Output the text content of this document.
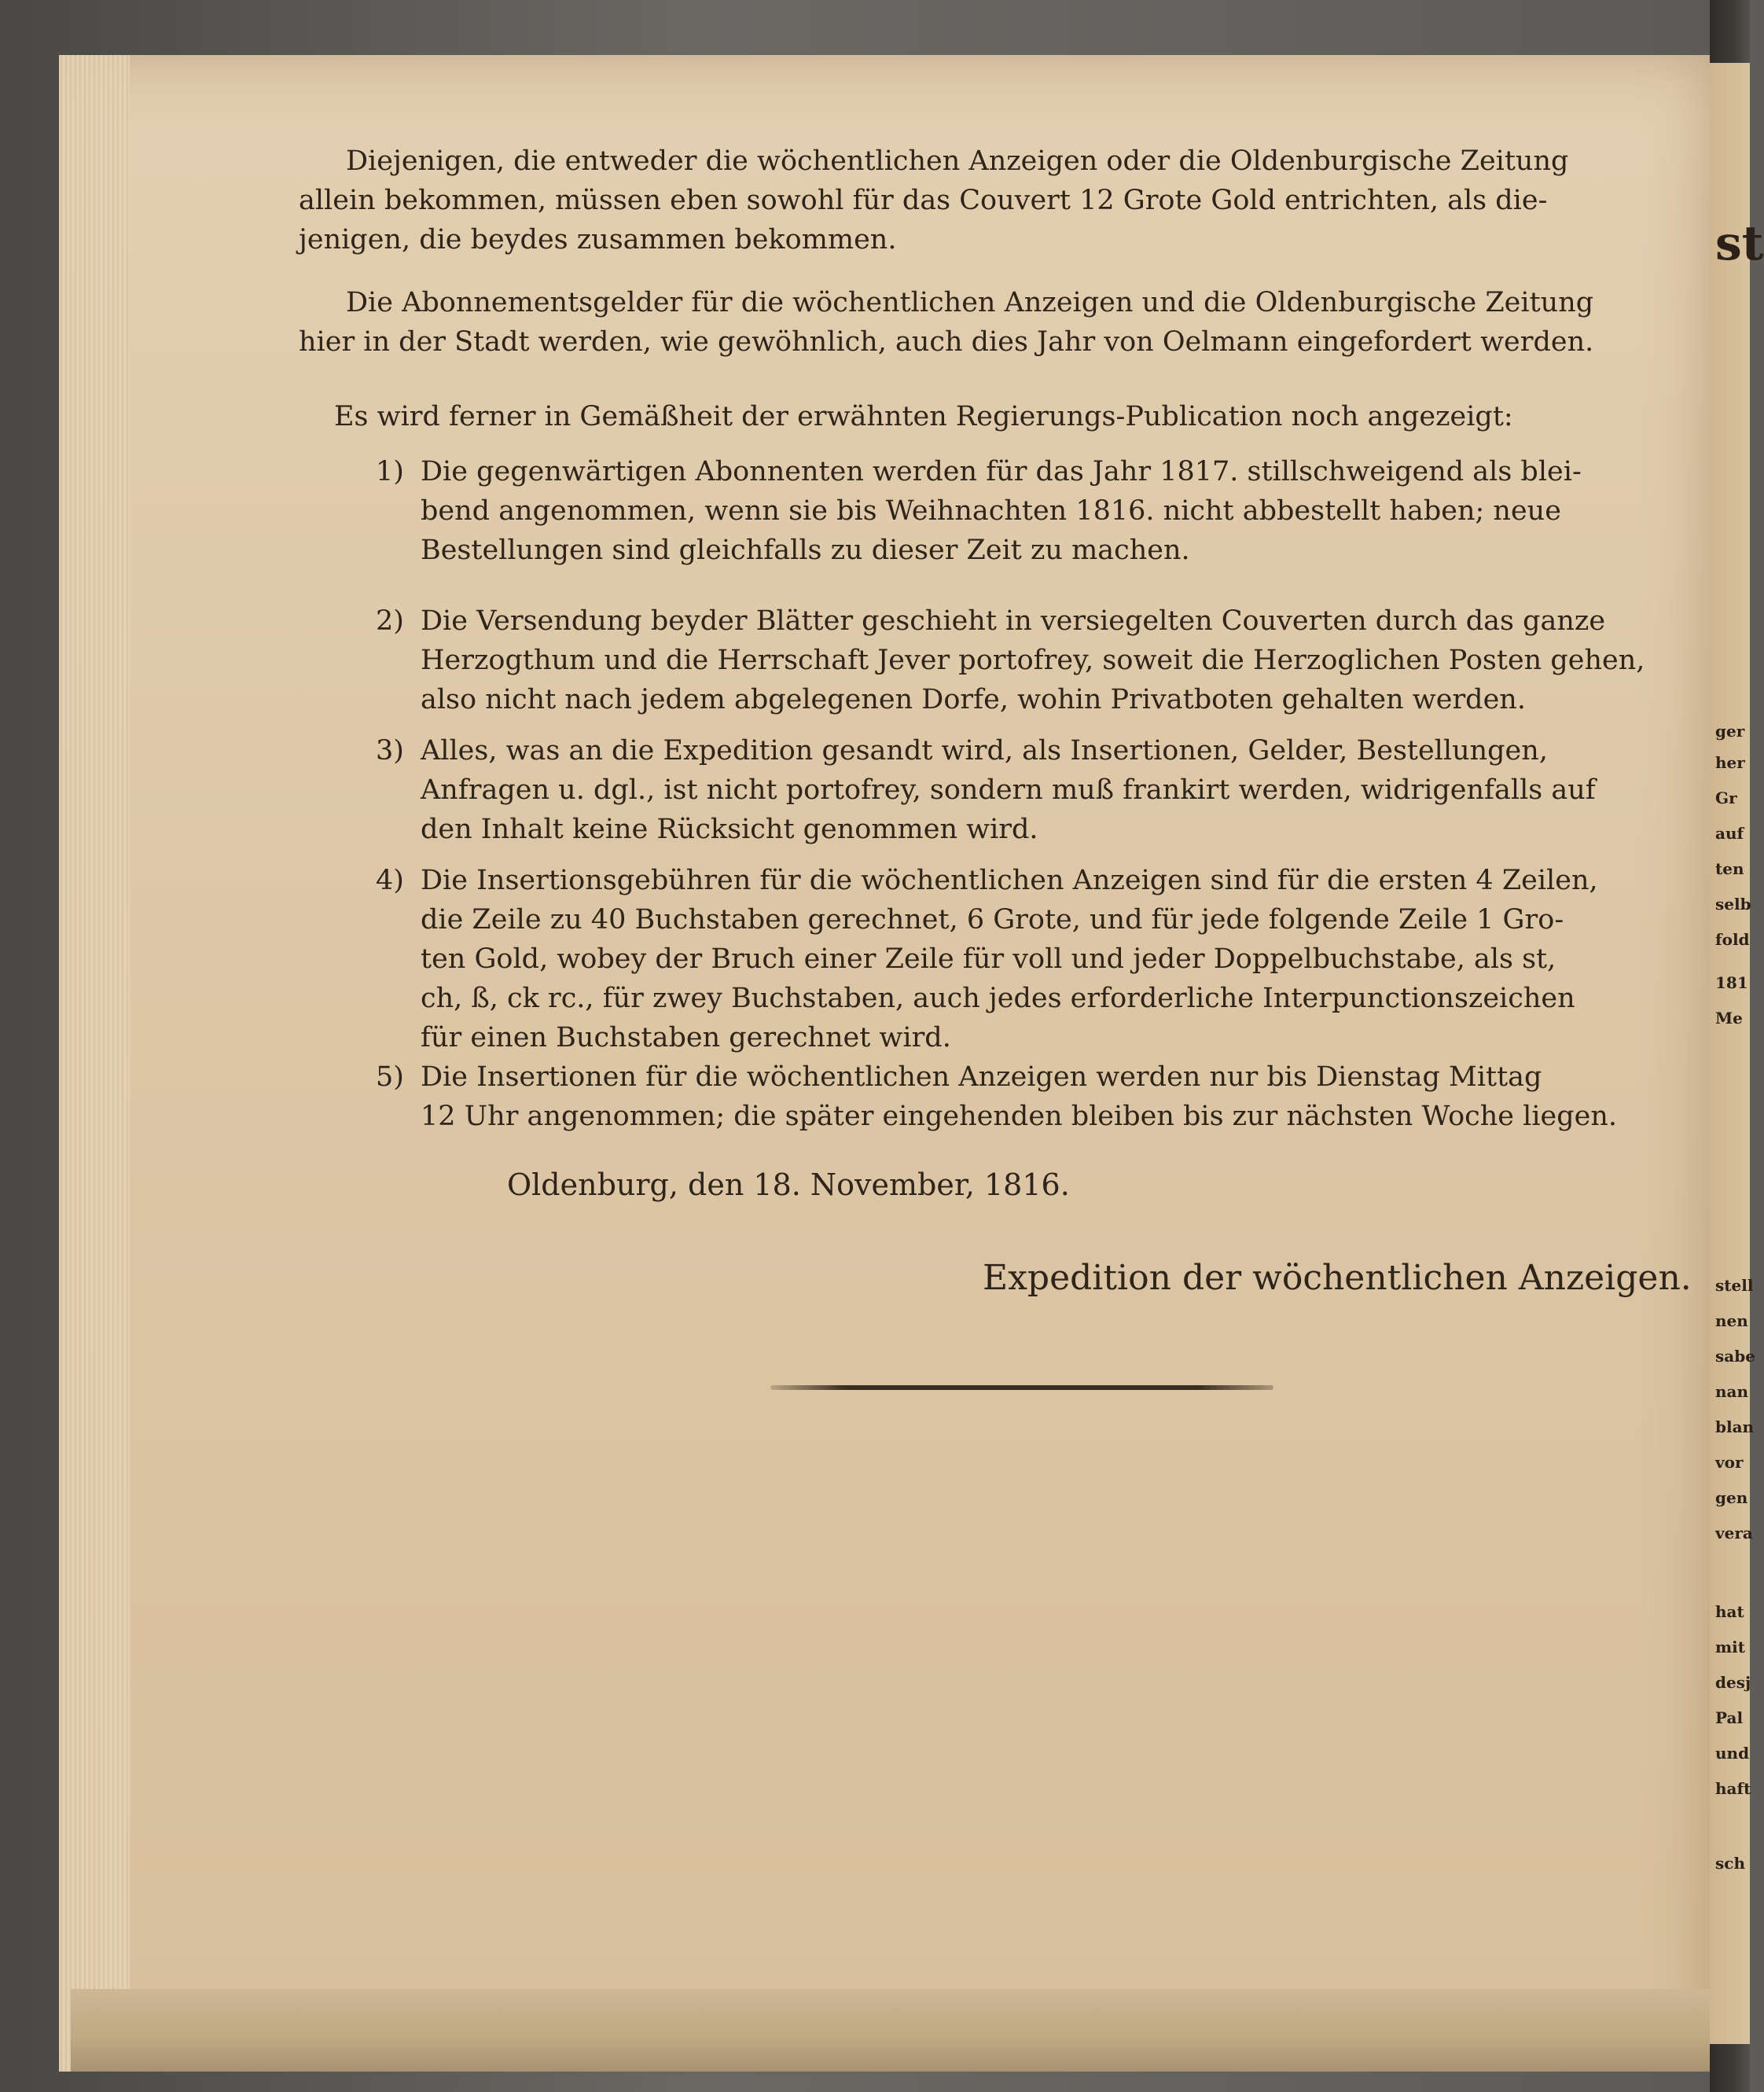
st
ger
her
Gr
auf
ten
selb
fold
181
Me
stell
nen
sabe
nan
blan
vor
gen
vera
hat
mit
desj
Pal
und
haft
sch
Diejenigen, die entweder die wöchentlichen Anzeigen oder die Oldenburgische Zeitung
allein bekommen, müssen eben sowohl für das Couvert 12 Grote Gold entrichten, als die-
jenigen, die beydes zusammen bekommen.
Die Abonnementsgelder für die wöchentlichen Anzeigen und die Oldenburgische Zeitung
hier in der Stadt werden, wie gewöhnlich, auch dies Jahr von Oelmann eingefordert werden.
Es wird ferner in Gemäßheit der erwähnten Regierungs-Publication noch angezeigt:
1) Die gegenwärtigen Abonnenten werden für das Jahr 1817. stillschweigend als blei-
bend angenommen, wenn sie bis Weihnachten 1816. nicht abbestellt haben; neue
Bestellungen sind gleichfalls zu dieser Zeit zu machen.
2) Die Versendung beyder Blätter geschieht in versiegelten Couverten durch das ganze
Herzogthum und die Herrschaft Jever portofrey, soweit die Herzoglichen Posten gehen,
also nicht nach jedem abgelegenen Dorfe, wohin Privatboten gehalten werden.
3) Alles, was an die Expedition gesandt wird, als Insertionen, Gelder, Bestellungen,
Anfragen u. dgl., ist nicht portofrey, sondern muß frankirt werden, widrigenfalls auf
den Inhalt keine Rücksicht genommen wird.
4) Die Insertionsgebühren für die wöchentlichen Anzeigen sind für die ersten 4 Zeilen,
die Zeile zu 40 Buchstaben gerechnet, 6 Grote, und für jede folgende Zeile 1 Gro-
ten Gold, wobey der Bruch einer Zeile für voll und jeder Doppelbuchstabe, als st,
ch, ß, ck rc., für zwey Buchstaben, auch jedes erforderliche Interpunctionszeichen
für einen Buchstaben gerechnet wird.
5) Die Insertionen für die wöchentlichen Anzeigen werden nur bis Dienstag Mittag
12 Uhr angenommen; die später eingehenden bleiben bis zur nächsten Woche liegen.
Oldenburg, den 18. November, 1816.
Expedition der wöchentlichen Anzeigen.
